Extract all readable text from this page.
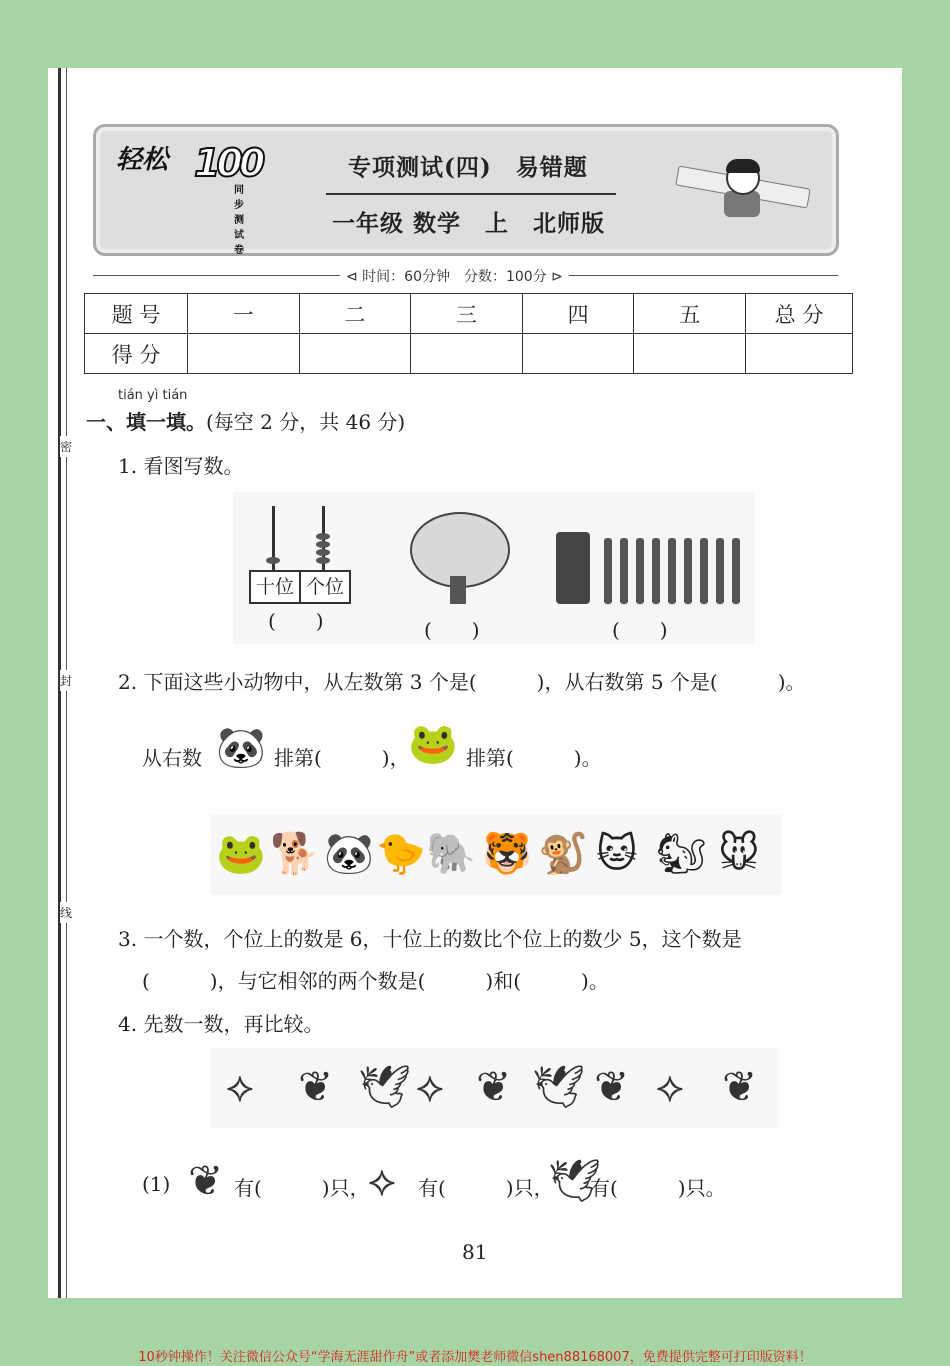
密
封
线
轻松 100
同步测试卷
专项测试(四)　易错题
一年级 数学　上　北师版
⊲ 时间：60分钟　分数：100分 ⊳
题 号	一	二	三	四	五	总 分
得 分						
tián yì tián
一、填一填。(每空 2 分，共 46 分)
1. 看图写数。
十位 个位
(　　)	(　　)	(　　)
2. 下面这些小动物中，从左数第 3 个是(　　　)，从右数第 5 个是(　　　)。
从右数 🐼 排第(　　　)，
🐸 排第(　　　)。
🐸 🐕 🐼 🐤 🐘 🐯 🐒 🐱 🐿 🐭
3. 一个数，个位上的数是 6，十位上的数比个位上的数少 5，这个数是
(　　　)，与它相邻的两个数是(　　　)和(　　　)。
4. 先数一数，再比较。
⟡ ❦ 🕊 ⟡ ❦ 🕊 ❦ ⟡ ❦
(1) ❦ 有(　　　)只，
⟡ 有(　　　)只，
🕊
有(　　　)只。
81
10秒钟操作！关注微信公众号“学海无涯甜作舟”或者添加樊老师微信shen88168007，免费提供完整可打印版资料！
